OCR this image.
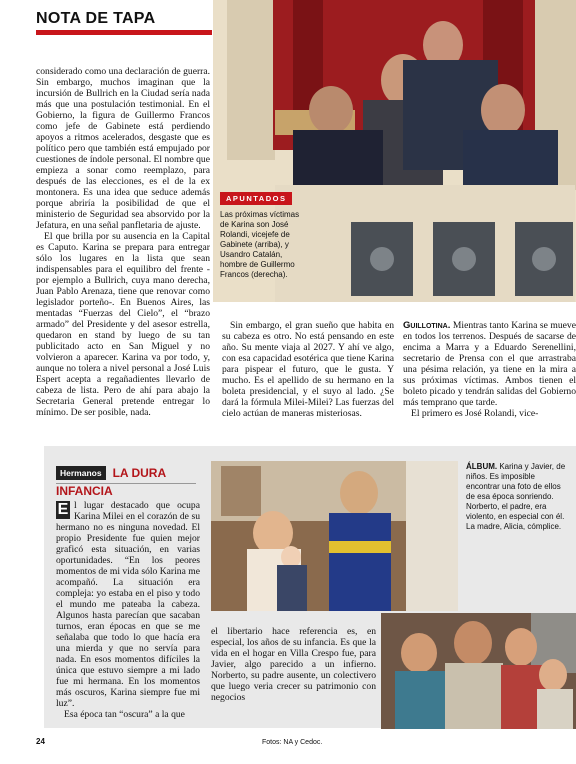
NOTA DE TAPA

considerado como una declaración de guerra. Sin embargo, muchos imaginan que la incursión de Bullrich en la Ciudad sería nada más que una postulación testimonial. En el Gobierno, la figura de Guillermo Francos como jefe de Gabinete está perdiendo apoyos a ritmos acelerados, desgaste que es político pero que también está empujado por cuestiones de índole personal. El nombre que empieza a sonar como reemplazo, para después de las elecciones, es el de la ex montonera. Es una idea que seduce además porque abriría la posibilidad de que el ministerio de Seguridad sea absorvido por la Jefatura, en una señal panfletaria de ajuste.

El que brilla por su ausencia en la Capital es Caputo. Karina se prepara para entregar sólo los lugares en la lista que sean indispensables para el equilibro del frente -por ejemplo a Bullrich, cuya mano derecha, Juan Pablo Arenaza, tiene que renovar como legislador porteño-. En Buenos Aires, las mentadas “Fuerzas del Cielo”, el “brazo armado” del Presidente y del asesor estrella, quedaron en stand by luego de su tan publicitado acto en San Miguel y no volvieron a aparecer. Karina va por todo, y, aunque no tolera a nivel personal a José Luis Espert acepta a regañadientes llevarlo de cabeza de lista. Pero de ahí para abajo la Secretaria General pretende entregar lo mínimo. De ser posible, nada.

APUNTADOS
Las próximas víctimas de Karina son José Rolandi, vicejefe de Gabinete (arriba), y Usandro Catalán, hombre de Guillermo Francos (derecha).

Sin embargo, el gran sueño que habita en su cabeza es otro. No está pensando en este año. Su mente viaja al 2027. Y ahí ve algo, con esa capacidad esotérica que tiene Karina para pispear el futuro, que le gusta. Y mucho. Es el apellido de su hermano en la boleta presidencial, y el suyo al lado. ¿Se dará la fórmula Milei-Milei? Las fuerzas del cielo actúan de maneras misteriosas.

Guillotina. Mientras tanto Karina se mueve en todos los terrenos. Después de sacarse de encima a Marra y a Eduardo Serenellini, secretario de Prensa con el que arrastraba una pésima relación, ya tiene en la mira a sus próximas víctimas. Ambos tienen el boleto picado y tendrán salidas del Gobierno más temprano que tarde.

El primero es José Rolandi, vice-

Hermanos LA DURA INFANCIA

E l lugar destacado que ocupa Karina Milei en el corazón de su hermano no es ninguna novedad. El propio Presidente fue quien mejor graficó esta situación, en varias oportunidades. “En los peores momentos de mi vida sólo Karina me acompañó. La situación era compleja: yo estaba en el piso y todo el mundo me pateaba la cabeza. Algunos hasta parecían que sacaban turnos, eran épocas en que se me señalaba que todo lo que hacía era una mierda y que no servía para nada. En esos momentos difíciles la única que estuvo siempre a mi lado fue mi hermana. En los momentos más oscuros, Karina siempre fue mi luz”.

Esa época tan “oscura” a la que

ÁLBUM. Karina y Javier, de niños. Es imposible encontrar una foto de ellos de esa época sonriendo. Norberto, el padre, era violento, en especial con él. La madre, Alicia, cómplice.

el libertario hace referencia es, en especial, los años de su infancia. Es que la vida en el hogar en Villa Crespo fue, para Javier, algo parecido a un infierno. Norberto, su padre ausente, un colectivero que luego veria crecer su patrimonio con negocios

24	Fotos: NA y Cedoc.
